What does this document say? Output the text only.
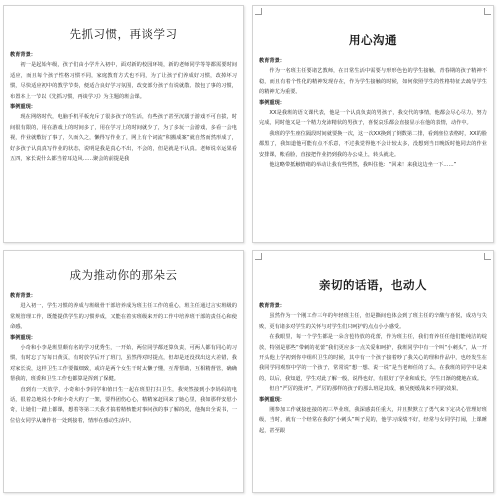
先抓习惯，再谈学习

教育背景：

初一是起始年级，孩子们由小学升入初中，面对新的校园环境，新的老师同学等等都需要时间适应，而且每个孩子性格习惯不同，家庭教育方式也不同，为了让孩子们养成好习惯，改掉坏习惯，尽快适应初中的教学节奏，便适合良好学习氛围，改变部分孩子有说就散、散包了事的习惯，布置本上一节以《先抓习惯，再谈学习》为主题的班会课。

事例重现：

现在网络时代，电脑手机平板充斥了很多孩子的生活，有些孩子甚至沉溺于游戏不可自拔，时间很有限的，用在游戏上的时间多了，用在学习上的时间就少了，为了多玩一会游戏，多看一会电视，作业就敷衍了事了，久而久之，懒得写作业了，网上有个词流“积搬成案”就自然而然形成了，好多孩子认真真写作业的状态，说明是我是真心不出，不会的，但是就是不认真。老师说幸运果看五四，家长说什么都当着耳边风……聚会的前提是我

用心沟通

教育背景：

作为一名班主任要诸艺教师，在日常生活中需要与形形色色的学生接触，青春期的孩子精神不稳，而且有着个性化的精神发现存在，作为学生接触的时候，如何依照学生的性格特征去疏导学生的精神尤为重要。

事例重现：

XX是我班的语文课代表，他是一个认真负责的男孩子，我交代的事情，他都会尽心尽力，努力完成，同时他又是一个精力充沛精状的男孩子，喜悦哀乐都会直接显示在他的表情，动作中。

我班的学生座位隔段时间就要换一次，这一次XX换到了倒数第二排，看到座位表格时，XX的脸都黑了，我知道他可能有点不乐意，不过我觉得他不会计较太多，没想到当日晚饭时他同去的作业安排课，帐看脸，直接把作业扔到我的办公桌上，转头就走。

他这略带抵触情绪的举动让我有些愕然，我叫住他：“回来！来我这边坐一下……”

成为推动你的那朵云

教育背景：

进入初一，学生习惯的养成与班级骨干部培养成为班主任工作的重心，班主任通过言实班级的常规管理工作，既能提供学生的习惯养成，又能在着实班级来开的工作中培养班干部的责任心和使命感。

事例重现：

小奇和小李是班里颇有名的学习优秀生，一开始，两位同学都还算负责，可两人都有同心的习惯，有时忘了写每日黄页，有时放学后开了班门，虽然得对时提点，但却是还没找出这大差错，我对家长说，这样卫生工作要做细致，或许是两个女生干时太懒子懂，互帮帮助，互相精督管，确确帮我的，班委和卫生工作也都算是挥到了保健。

直到有一天放学，小奇和小李同学和值日生一起在班里打扫卫生，我突然接到小李妈妈的电话，很着急地说小李和小奇大约了一架，要得团伤心心，精精家赶回来了她心里，我如那样安慰小奇，让她们一踏上都课，想着等第二天我才搞着精核能对事问孩的事了解的况，他掏出全说书，一位信女同学从兼作者一处到接着，情形在感动生活中。

亲切的话语，也动人

教育背景：

虽然作为一个刚工作三年的年轻班主任，但是撕间也体会到了班主任的辛酸与喜悦，成功与失败，更有诸多对学生的关怀与对学生们只呵护的点点小小感受。

在我眼里，每一个学生都是一朵含苞待放的花蕾，作为班主任，我们育养任任他们能纯洁的绽放，特别是那些“带刺的花蕾”我们更应多一点关爱和呵护，我班同学中有一个叫“小刺头”，从一开开头他上学初到你中组织卫生的时候，其中有一个孩子接着吵了我关心的理和作品中，也经发生在我同学同观察中学的一个孩子，常常说“想一想、说一说”是当老师任的了么，在我班的同学中是来的，以后，我知道，学生对此了解一般，说得也好，有很好了学业和成长，学生日渐的健地在成。

但自“严厉的批评”，严厉的那样的孩子的那么班是其成，被吴便缓战来不同的效果。

事例重现：

刚参加工作就接连接的初三毕业班，我深感责任重大，并且默默立了勇气来下定决心管理好班级，当时，就有一个经常在我的“小刺头”叫子晃的，他学习成绩不好，经常与女同学打闹，上课睡起，甚至跟
